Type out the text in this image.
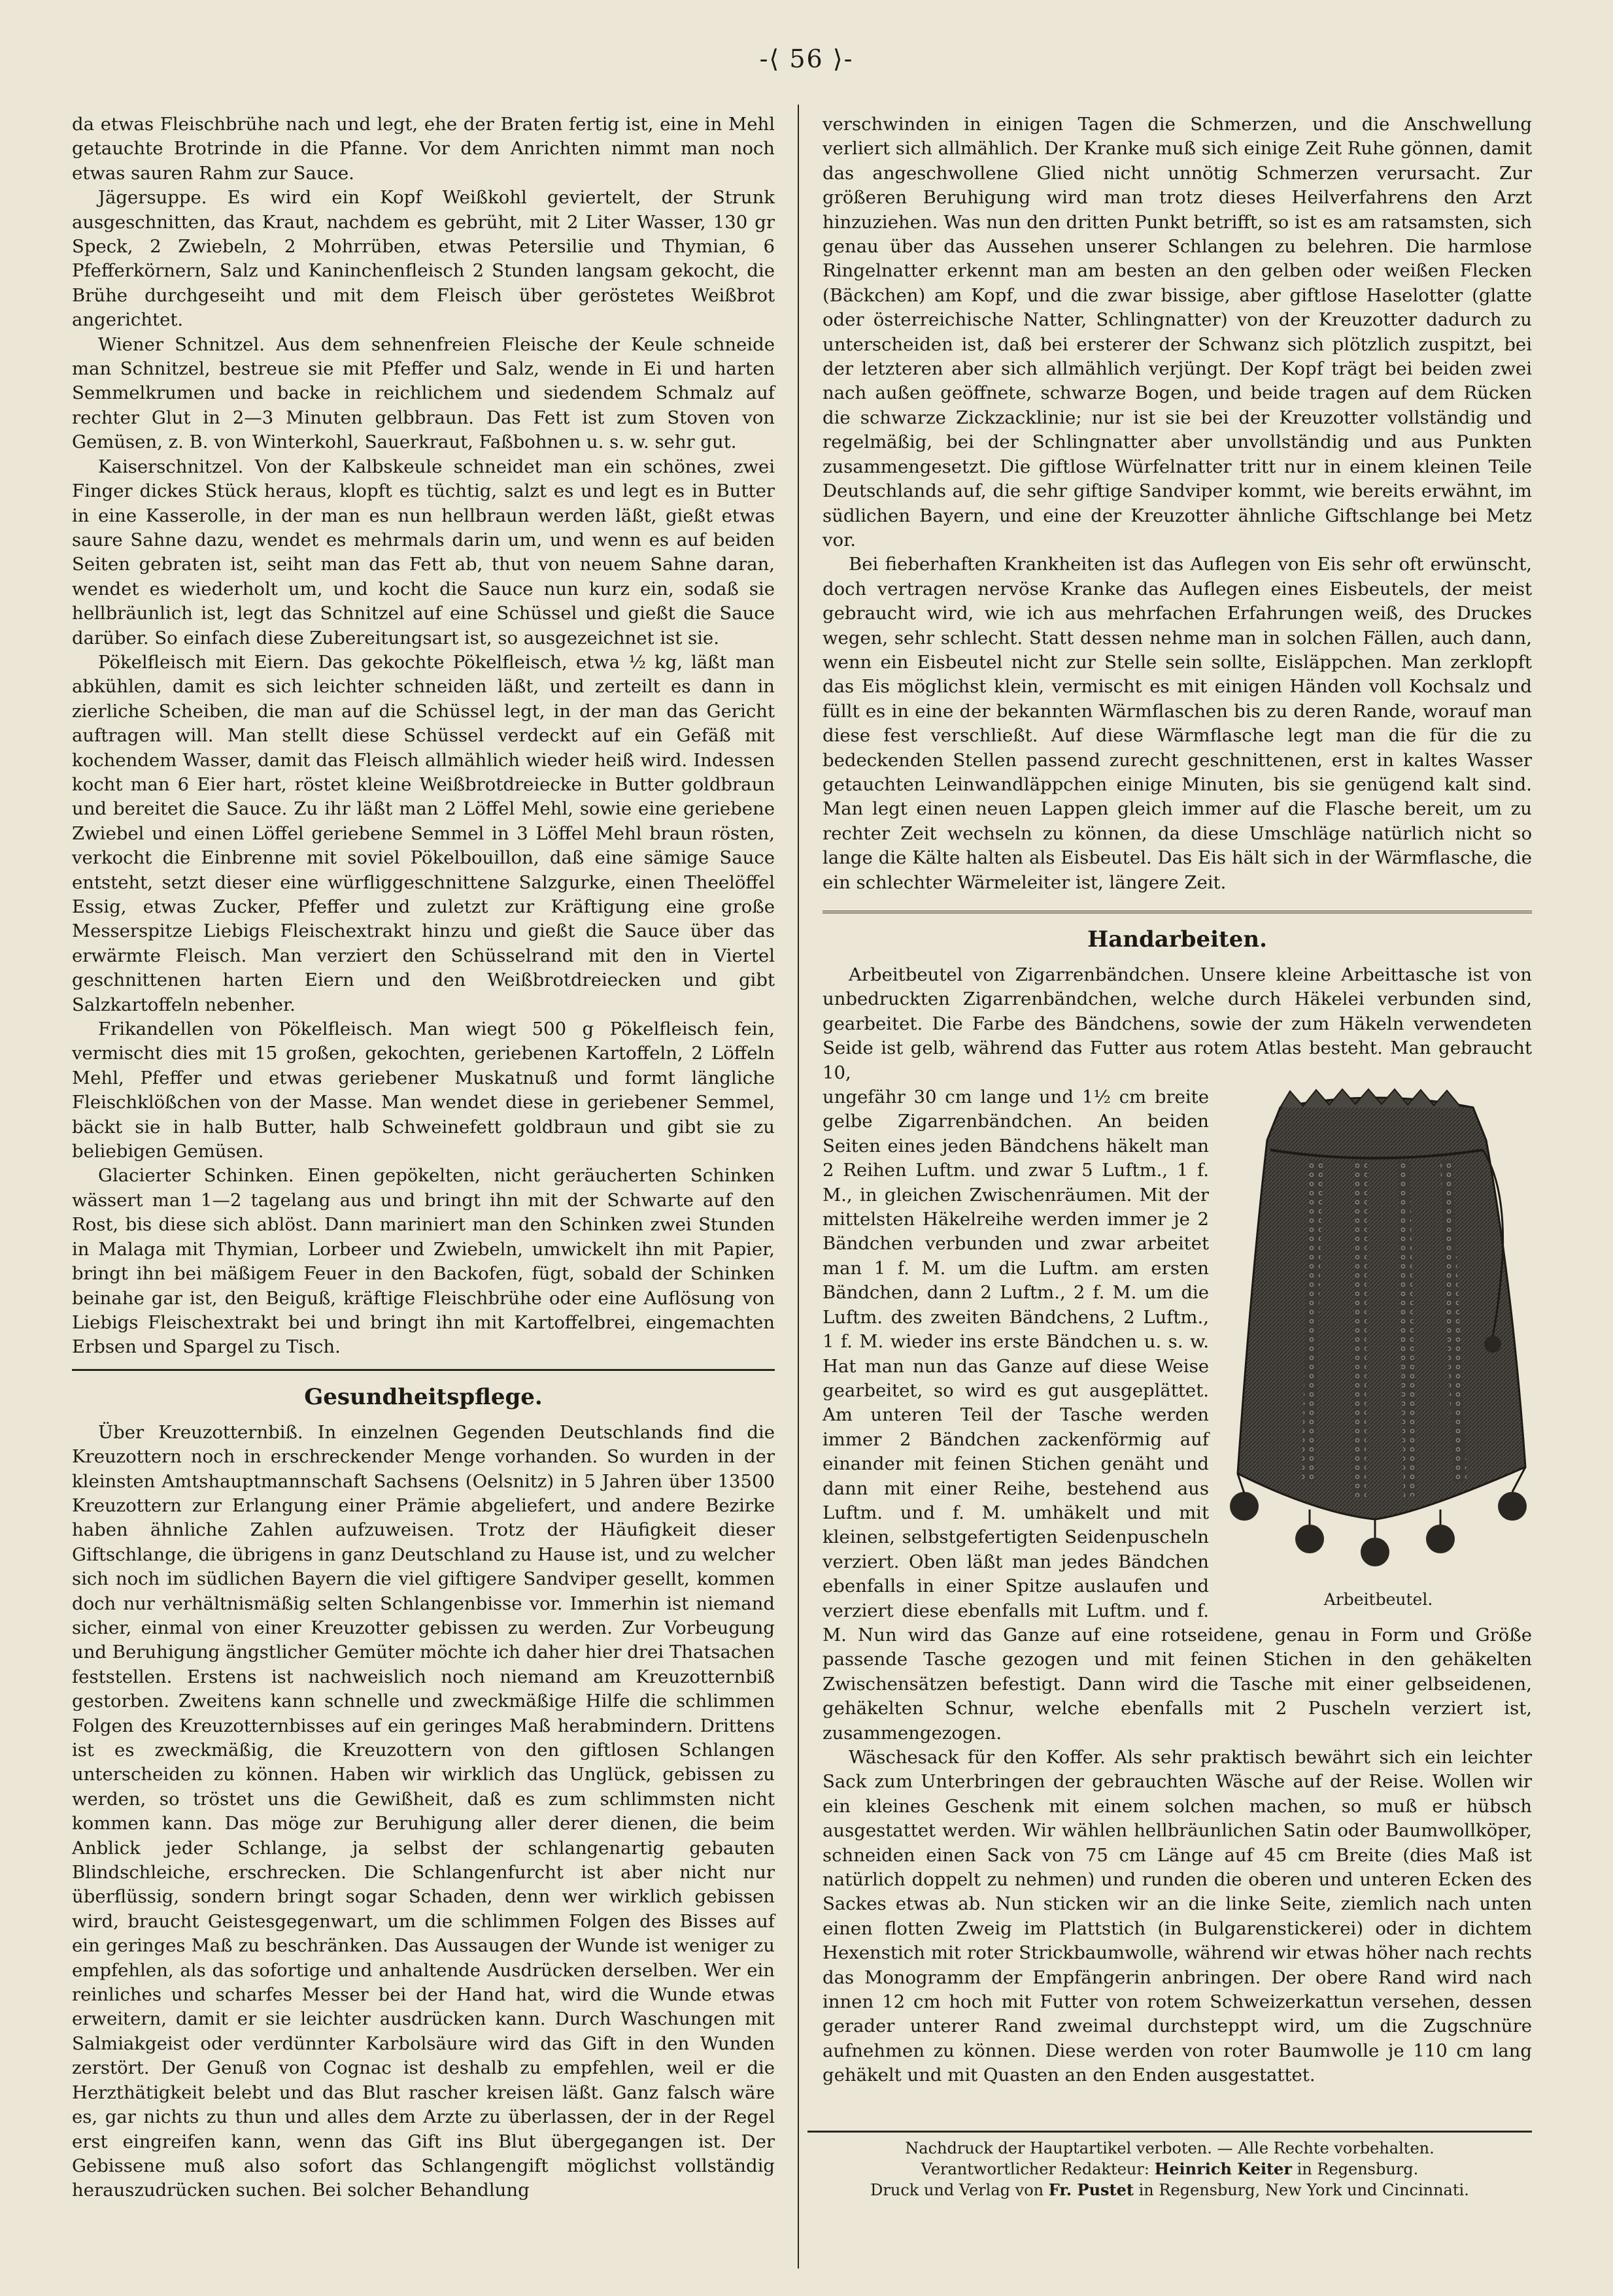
-⟨ 56 ⟩-

da etwas Fleischbrühe nach und legt, ehe der Braten fertig ist, eine in Mehl getauchte Brotrinde in die Pfanne. Vor dem Anrichten nimmt man noch etwas sauren Rahm zur Sauce.

Jägersuppe. Es wird ein Kopf Weißkohl geviertelt, der Strunk ausgeschnitten, das Kraut, nachdem es gebrüht, mit 2 Liter Wasser, 130 gr Speck, 2 Zwiebeln, 2 Mohrrüben, etwas Petersilie und Thymian, 6 Pfefferkörnern, Salz und Kaninchenfleisch 2 Stunden langsam gekocht, die Brühe durchgeseiht und mit dem Fleisch über geröstetes Weißbrot angerichtet.

Wiener Schnitzel. Aus dem sehnenfreien Fleische der Keule schneide man Schnitzel, bestreue sie mit Pfeffer und Salz, wende in Ei und harten Semmelkrumen und backe in reichlichem und siedendem Schmalz auf rechter Glut in 2—3 Minuten gelbbraun. Das Fett ist zum Stoven von Gemüsen, z. B. von Winterkohl, Sauerkraut, Faßbohnen u. s. w. sehr gut.

Kaiserschnitzel. Von der Kalbskeule schneidet man ein schönes, zwei Finger dickes Stück heraus, klopft es tüchtig, salzt es und legt es in Butter in eine Kasserolle, in der man es nun hellbraun werden läßt, gießt etwas saure Sahne dazu, wendet es mehrmals darin um, und wenn es auf beiden Seiten gebraten ist, seiht man das Fett ab, thut von neuem Sahne daran, wendet es wiederholt um, und kocht die Sauce nun kurz ein, sodaß sie hellbräunlich ist, legt das Schnitzel auf eine Schüssel und gießt die Sauce darüber. So einfach diese Zubereitungsart ist, so ausgezeichnet ist sie.

Pökelfleisch mit Eiern. Das gekochte Pökelfleisch, etwa ½ kg, läßt man abkühlen, damit es sich leichter schneiden läßt, und zerteilt es dann in zierliche Scheiben, die man auf die Schüssel legt, in der man das Gericht auftragen will. Man stellt diese Schüssel verdeckt auf ein Gefäß mit kochendem Wasser, damit das Fleisch allmählich wieder heiß wird. Indessen kocht man 6 Eier hart, röstet kleine Weißbrotdreiecke in Butter goldbraun und bereitet die Sauce. Zu ihr läßt man 2 Löffel Mehl, sowie eine geriebene Zwiebel und einen Löffel geriebene Semmel in 3 Löffel Mehl braun rösten, verkocht die Einbrenne mit soviel Pökelbouillon, daß eine sämige Sauce entsteht, setzt dieser eine würfliggeschnittene Salzgurke, einen Theelöffel Essig, etwas Zucker, Pfeffer und zuletzt zur Kräftigung eine große Messerspitze Liebigs Fleischextrakt hinzu und gießt die Sauce über das erwärmte Fleisch. Man verziert den Schüsselrand mit den in Viertel geschnittenen harten Eiern und den Weißbrotdreiecken und gibt Salzkartoffeln nebenher.

Frikandellen von Pökelfleisch. Man wiegt 500 g Pökelfleisch fein, vermischt dies mit 15 großen, gekochten, geriebenen Kartoffeln, 2 Löffeln Mehl, Pfeffer und etwas geriebener Muskatnuß und formt längliche Fleischklößchen von der Masse. Man wendet diese in geriebener Semmel, bäckt sie in halb Butter, halb Schweinefett goldbraun und gibt sie zu beliebigen Gemüsen.

Glacierter Schinken. Einen gepökelten, nicht geräucherten Schinken wässert man 1—2 tagelang aus und bringt ihn mit der Schwarte auf den Rost, bis diese sich ablöst. Dann mariniert man den Schinken zwei Stunden in Malaga mit Thymian, Lorbeer und Zwiebeln, umwickelt ihn mit Papier, bringt ihn bei mäßigem Feuer in den Backofen, fügt, sobald der Schinken beinahe gar ist, den Beiguß, kräftige Fleischbrühe oder eine Auflösung von Liebigs Fleischextrakt bei und bringt ihn mit Kartoffelbrei, eingemachten Erbsen und Spargel zu Tisch.

Gesundheitspflege.

Über Kreuzotternbiß. In einzelnen Gegenden Deutschlands find die Kreuzottern noch in erschreckender Menge vorhanden. So wurden in der kleinsten Amtshauptmannschaft Sachsens (Oelsnitz) in 5 Jahren über 13500 Kreuzottern zur Erlangung einer Prämie abgeliefert, und andere Bezirke haben ähnliche Zahlen aufzuweisen. Trotz der Häufigkeit dieser Giftschlange, die übrigens in ganz Deutschland zu Hause ist, und zu welcher sich noch im südlichen Bayern die viel giftigere Sandviper gesellt, kommen doch nur verhältnismäßig selten Schlangenbisse vor. Immerhin ist niemand sicher, einmal von einer Kreuzotter gebissen zu werden. Zur Vorbeugung und Beruhigung ängstlicher Gemüter möchte ich daher hier drei Thatsachen feststellen. Erstens ist nachweislich noch niemand am Kreuzotternbiß gestorben. Zweitens kann schnelle und zweckmäßige Hilfe die schlimmen Folgen des Kreuzotternbisses auf ein geringes Maß herabmindern. Drittens ist es zweckmäßig, die Kreuzottern von den giftlosen Schlangen unterscheiden zu können. Haben wir wirklich das Unglück, gebissen zu werden, so tröstet uns die Gewißheit, daß es zum schlimmsten nicht kommen kann. Das möge zur Beruhigung aller derer dienen, die beim Anblick jeder Schlange, ja selbst der schlangenartig gebauten Blindschleiche, erschrecken. Die Schlangenfurcht ist aber nicht nur überflüssig, sondern bringt sogar Schaden, denn wer wirklich gebissen wird, braucht Geistesgegenwart, um die schlimmen Folgen des Bisses auf ein geringes Maß zu beschränken. Das Aussaugen der Wunde ist weniger zu empfehlen, als das sofortige und anhaltende Ausdrücken derselben. Wer ein reinliches und scharfes Messer bei der Hand hat, wird die Wunde etwas erweitern, damit er sie leichter ausdrücken kann. Durch Waschungen mit Salmiakgeist oder verdünnter Karbolsäure wird das Gift in den Wunden zerstört. Der Genuß von Cognac ist deshalb zu empfehlen, weil er die Herzthätigkeit belebt und das Blut rascher kreisen läßt. Ganz falsch wäre es, gar nichts zu thun und alles dem Arzte zu überlassen, der in der Regel erst eingreifen kann, wenn das Gift ins Blut übergegangen ist. Der Gebissene muß also sofort das Schlangengift möglichst vollständig herauszudrücken suchen. Bei solcher Behandlung

verschwinden in einigen Tagen die Schmerzen, und die Anschwellung verliert sich allmählich. Der Kranke muß sich einige Zeit Ruhe gönnen, damit das angeschwollene Glied nicht unnötig Schmerzen verursacht. Zur größeren Beruhigung wird man trotz dieses Heilverfahrens den Arzt hinzuziehen. Was nun den dritten Punkt betrifft, so ist es am ratsamsten, sich genau über das Aussehen unserer Schlangen zu belehren. Die harmlose Ringelnatter erkennt man am besten an den gelben oder weißen Flecken (Bäckchen) am Kopf, und die zwar bissige, aber giftlose Haselotter (glatte oder österreichische Natter, Schlingnatter) von der Kreuzotter dadurch zu unterscheiden ist, daß bei ersterer der Schwanz sich plötzlich zuspitzt, bei der letzteren aber sich allmählich verjüngt. Der Kopf trägt bei beiden zwei nach außen geöffnete, schwarze Bogen, und beide tragen auf dem Rücken die schwarze Zickzacklinie; nur ist sie bei der Kreuzotter vollständig und regelmäßig, bei der Schlingnatter aber unvollständig und aus Punkten zusammengesetzt. Die giftlose Würfelnatter tritt nur in einem kleinen Teile Deutschlands auf, die sehr giftige Sandviper kommt, wie bereits erwähnt, im südlichen Bayern, und eine der Kreuzotter ähnliche Giftschlange bei Metz vor.

Bei fieberhaften Krankheiten ist das Auflegen von Eis sehr oft erwünscht, doch vertragen nervöse Kranke das Auflegen eines Eisbeutels, der meist gebraucht wird, wie ich aus mehrfachen Erfahrungen weiß, des Druckes wegen, sehr schlecht. Statt dessen nehme man in solchen Fällen, auch dann, wenn ein Eisbeutel nicht zur Stelle sein sollte, Eisläppchen. Man zerklopft das Eis möglichst klein, vermischt es mit einigen Händen voll Kochsalz und füllt es in eine der bekannten Wärmflaschen bis zu deren Rande, worauf man diese fest verschließt. Auf diese Wärmflasche legt man die für die zu bedeckenden Stellen passend zurecht geschnittenen, erst in kaltes Wasser getauchten Leinwandläppchen einige Minuten, bis sie genügend kalt sind. Man legt einen neuen Lappen gleich immer auf die Flasche bereit, um zu rechter Zeit wechseln zu können, da diese Umschläge natürlich nicht so lange die Kälte halten als Eisbeutel. Das Eis hält sich in der Wärmflasche, die ein schlechter Wärmeleiter ist, längere Zeit.

Handarbeiten.

Arbeitbeutel von Zigarrenbändchen. Unsere kleine Arbeittasche ist von unbedruckten Zigarrenbändchen, welche durch Häkelei verbunden sind, gearbeitet. Die Farbe des Bändchens, sowie der zum Häkeln verwendeten Seide ist gelb, während das Futter aus rotem Atlas besteht. Man gebraucht 10,

Arbeitbeutel.

ungefähr 30 cm lange und 1½ cm breite gelbe Zigarrenbändchen. An beiden Seiten eines jeden Bändchens häkelt man 2 Reihen Luftm. und zwar 5 Luftm., 1 f. M., in gleichen Zwischenräumen. Mit der mittelsten Häkelreihe werden immer je 2 Bändchen verbunden und zwar arbeitet man 1 f. M. um die Luftm. am ersten Bändchen, dann 2 Luftm., 2 f. M. um die Luftm. des zweiten Bändchens, 2 Luftm., 1 f. M. wieder ins erste Bändchen u. s. w. Hat man nun das Ganze auf diese Weise gearbeitet, so wird es gut ausgeplättet. Am unteren Teil der Tasche werden immer 2 Bändchen zackenförmig auf einander mit feinen Stichen genäht und dann mit einer Reihe, bestehend aus Luftm. und f. M. umhäkelt und mit kleinen, selbstgefertigten Seidenpuscheln verziert. Oben läßt man jedes Bändchen ebenfalls in einer Spitze auslaufen und verziert diese ebenfalls mit Luftm. und f. M. Nun wird das Ganze auf eine rotseidene, genau in Form und Größe passende Tasche gezogen und mit feinen Stichen in den gehäkelten Zwischensätzen befestigt. Dann wird die Tasche mit einer gelbseidenen, gehäkelten Schnur, welche ebenfalls mit 2 Puscheln verziert ist, zusammengezogen.

Wäschesack für den Koffer. Als sehr praktisch bewährt sich ein leichter Sack zum Unterbringen der gebrauchten Wäsche auf der Reise. Wollen wir ein kleines Geschenk mit einem solchen machen, so muß er hübsch ausgestattet werden. Wir wählen hellbräunlichen Satin oder Baumwollköper, schneiden einen Sack von 75 cm Länge auf 45 cm Breite (dies Maß ist natürlich doppelt zu nehmen) und runden die oberen und unteren Ecken des Sackes etwas ab. Nun sticken wir an die linke Seite, ziemlich nach unten einen flotten Zweig im Plattstich (in Bulgarenstickerei) oder in dichtem Hexenstich mit roter Strickbaumwolle, während wir etwas höher nach rechts das Monogramm der Empfängerin anbringen. Der obere Rand wird nach innen 12 cm hoch mit Futter von rotem Schweizerkattun versehen, dessen gerader unterer Rand zweimal durchsteppt wird, um die Zugschnüre aufnehmen zu können. Diese werden von roter Baumwolle je 110 cm lang gehäkelt und mit Quasten an den Enden ausgestattet.

Nachdruck der Hauptartikel verboten. — Alle Rechte vorbehalten.
Verantwortlicher Redakteur: Heinrich Keiter in Regensburg.
Druck und Verlag von Fr. Pustet in Regensburg, New York und Cincinnati.
